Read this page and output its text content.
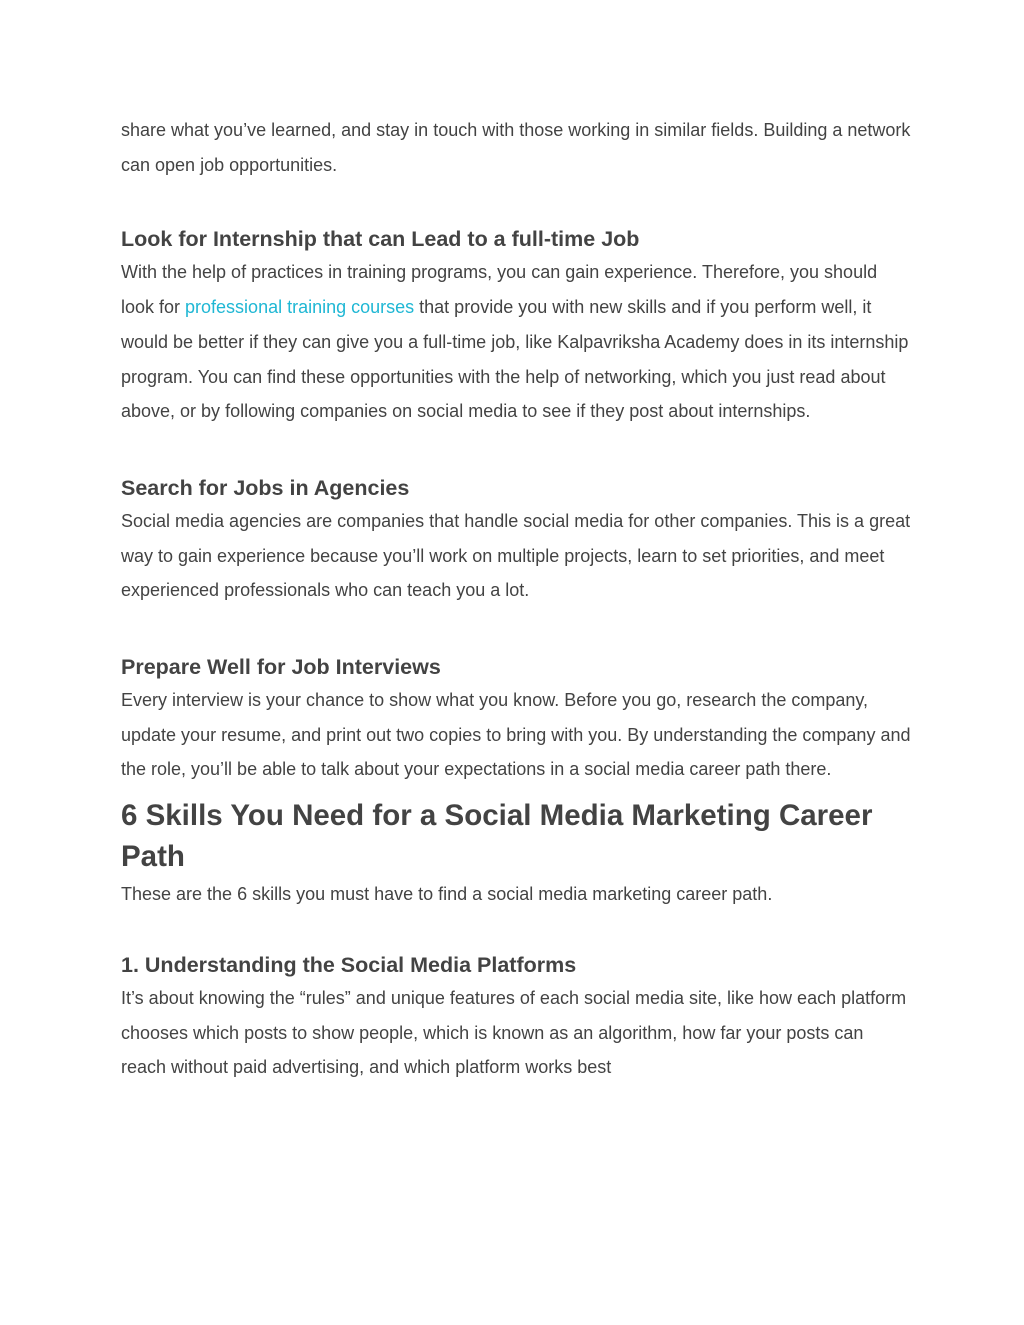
share what you’ve learned, and stay in touch with those working in similar fields. Building a network can open job opportunities.

Look for Internship that can Lead to a full-time Job

With the help of practices in training programs, you can gain experience. Therefore, you should look for professional training courses that provide you with new skills and if you perform well, it would be better if they can give you a full-time job, like Kalpavriksha Academy does in its internship program. You can find these opportunities with the help of networking, which you just read about above, or by following companies on social media to see if they post about internships.

Search for Jobs in Agencies

Social media agencies are companies that handle social media for other companies. This is a great way to gain experience because you’ll work on multiple projects, learn to set priorities, and meet experienced professionals who can teach you a lot.

Prepare Well for Job Interviews

Every interview is your chance to show what you know. Before you go, research the company, update your resume, and print out two copies to bring with you. By understanding the company and the role, you’ll be able to talk about your expectations in a social media career path there.

6 Skills You Need for a Social Media Marketing Career Path

These are the 6 skills you must have to find a social media marketing career path.

1. Understanding the Social Media Platforms

It’s about knowing the “rules” and unique features of each social media site, like how each platform chooses which posts to show people, which is known as an algorithm, how far your posts can reach without paid advertising, and which platform works best
